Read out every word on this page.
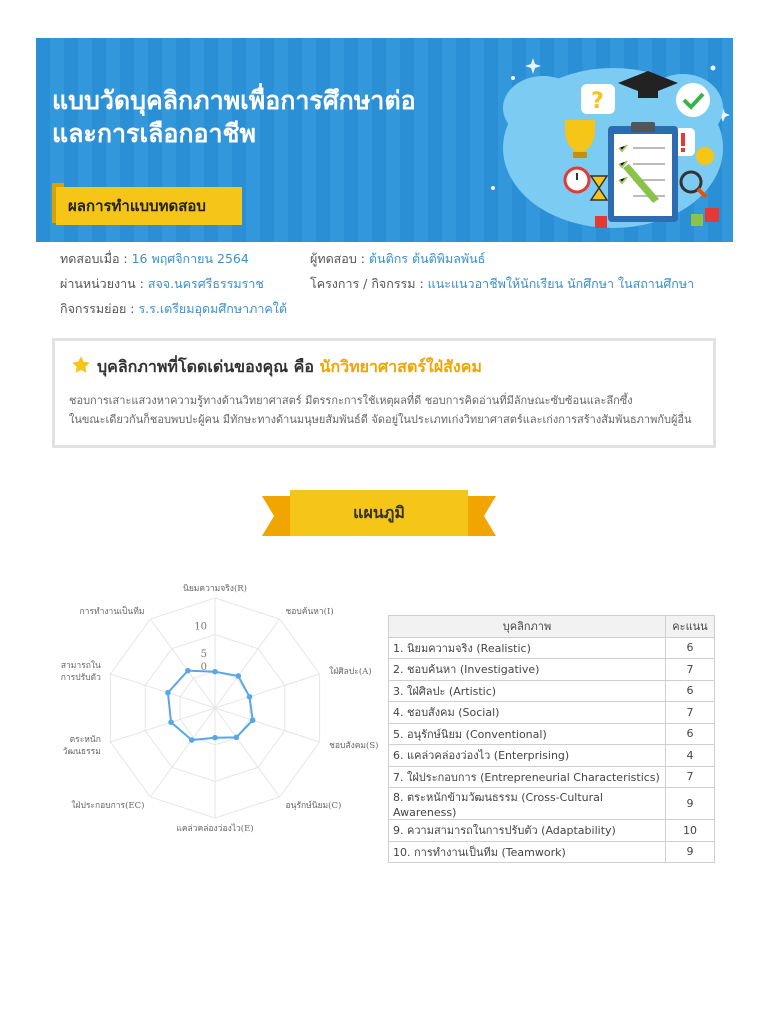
แบบวัดบุคลิกภาพเพื่อการศึกษาต่อ
และการเลือกอาชีพ
?
ผลการทำแบบทดสอบ
ทดสอบเมื่อ : 16 พฤศจิกายน 2564	ผู้ทดสอบ : ต้นติกร ต้นติพิมลพันธ์
ผ่านหน่วยงาน : สจจ.นครศรีธรรมราช	โครงการ / กิจกรรม : แนะแนวอาชีพให้นักเรียน นักศึกษา ในสถานศึกษา
กิจกรรมย่อย : ร.ร.เตรียมอุดมศึกษาภาคใต้
บุคลิกภาพที่โดดเด่นของคุณ คือ นักวิทยาศาสตร์ใฝ่สังคม
ชอบการเสาะแสวงหาความรู้ทางด้านวิทยาศาสตร์ มีตรรกะการใช้เหตุผลที่ดี ชอบการคิดอ่านที่มีลักษณะซับซ้อนและลึกซึ้ง
ในขณะเดียวกันก็ชอบพบปะผู้คน มีทักษะทางด้านมนุษยสัมพันธ์ดี จัดอยู่ในประเภทเก่งวิทยาศาสตร์และเก่งการสร้างสัมพันธภาพกับผู้อื่น
แผนภูมิ
0
5
10
นิยมความจริง(R)
ชอบค้นหา(I)
ใฝ่ศิลปะ(A)
ชอบสังคม(S)
อนุรักษ์นิยม(C)
แคล่วคล่องว่องไว(E)
ใฝ่ประกอบการ(EC)
ตระหนักวัฒนธรรม
สามารถในการปรับตัว
การทำงานเป็นทีม
บุคลิกภาพ	คะแนน
1. นิยมความจริง (Realistic)	6
2. ชอบค้นหา (Investigative)	7
3. ใฝ่ศิลปะ (Artistic)	6
4. ชอบสังคม (Social)	7
5. อนุรักษ์นิยม (Conventional)	6
6. แคล่วคล่องว่องไว (Enterprising)	4
7. ใฝ่ประกอบการ (Entrepreneurial Characteristics)	7
8. ตระหนักข้ามวัฒนธรรม (Cross-Cultural Awareness)	9
9. ความสามารถในการปรับตัว (Adaptability)	10
10. การทำงานเป็นทีม (Teamwork)	9
